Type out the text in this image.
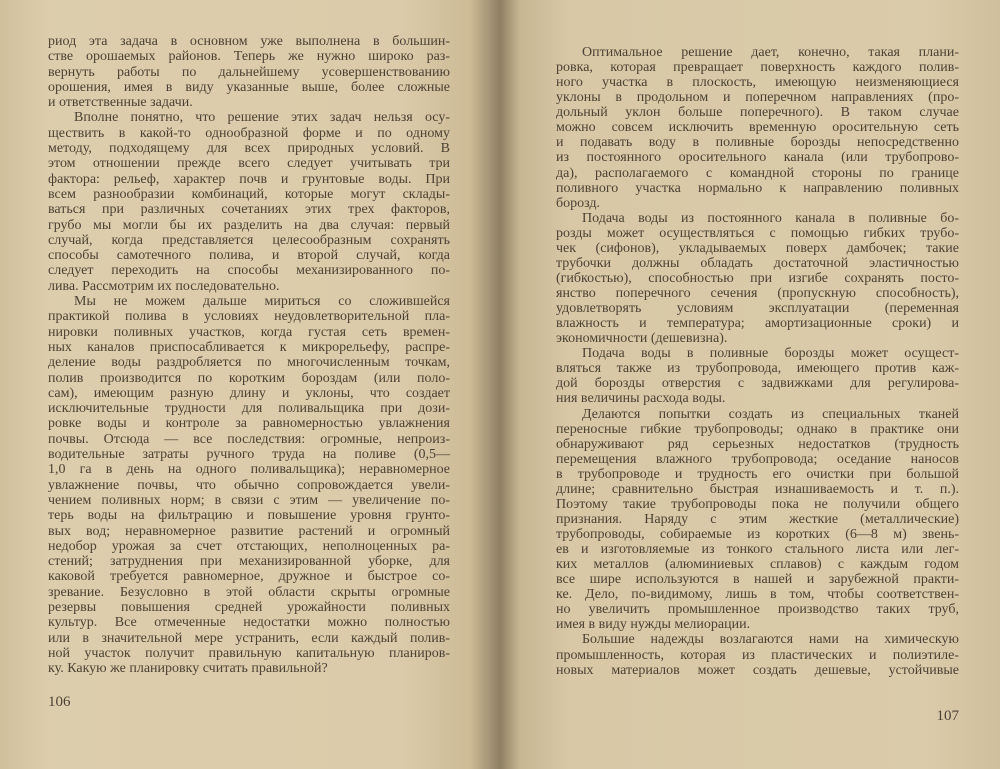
риод эта задача в основном уже выполнена в большин-
стве орошаемых районов. Теперь же нужно широко раз-
вернуть работы по дальнейшему усовершенствованию
орошения, имея в виду указанные выше, более сложные
и ответственные задачи.
Вполне понятно, что решение этих задач нельзя осу-
ществить в какой-то однообразной форме и по одному
методу, подходящему для всех природных условий. В
этом отношении прежде всего следует учитывать три
фактора: рельеф, характер почв и грунтовые воды. При
всем разнообразии комбинаций, которые могут склады-
ваться при различных сочетаниях этих трех факторов,
грубо мы могли бы их разделить на два случая: первый
случай, когда представляется целесообразным сохранять
способы самотечного полива, и второй случай, когда
следует переходить на способы механизированного по-
лива. Рассмотрим их последовательно.
Мы не можем дальше мириться со сложившейся
практикой полива в условиях неудовлетворительной пла-
нировки поливных участков, когда густая сеть времен-
ных каналов приспосабливается к микрорельефу, распре-
деление воды раздробляется по многочисленным точкам,
полив производится по коротким бороздам (или поло-
сам), имеющим разную длину и уклоны, что создает
исключительные трудности для поливальщика при дози-
ровке воды и контроле за равномерностью увлажнения
почвы. Отсюда — все последствия: огромные, непроиз-
водительные затраты ручного труда на поливе (0,5—
1,0 га в день на одного поливальщика); неравномерное
увлажнение почвы, что обычно сопровождается увели-
чением поливных норм; в связи с этим — увеличение по-
терь воды на фильтрацию и повышение уровня грунто-
вых вод; неравномерное развитие растений и огромный
недобор урожая за счет отстающих, неполноценных ра-
стений; затруднения при механизированной уборке, для
каковой требуется равномерное, дружное и быстрое со-
зревание. Безусловно в этой области скрыты огромные
резервы повышения средней урожайности поливных
культур. Все отмеченные недостатки можно полностью
или в значительной мере устранить, если каждый полив-
ной участок получит правильную капитальную планиров-
ку. Какую же планировку считать правильной?
106
Оптимальное решение дает, конечно, такая плани-
ровка, которая превращает поверхность каждого полив-
ного участка в плоскость, имеющую неизменяющиеся
уклоны в продольном и поперечном направлениях (про-
дольный уклон больше поперечного). В таком случае
можно совсем исключить временную оросительную сеть
и подавать воду в поливные борозды непосредственно
из постоянного оросительного канала (или трубопрово-
да), располагаемого с командной стороны по границе
поливного участка нормально к направлению поливных
борозд.
Подача воды из постоянного канала в поливные бо-
розды может осуществляться с помощью гибких трубо-
чек (сифонов), укладываемых поверх дамбочек; такие
трубочки должны обладать достаточной эластичностью
(гибкостью), способностью при изгибе сохранять посто-
янство поперечного сечения (пропускную способность),
удовлетворять условиям эксплуатации (переменная
влажность и температура; амортизационные сроки) и
экономичности (дешевизна).
Подача воды в поливные борозды может осущест-
вляться также из трубопровода, имеющего против каж-
дой борозды отверстия с задвижками для регулирова-
ния величины расхода воды.
Делаются попытки создать из специальных тканей
переносные гибкие трубопроводы; однако в практике они
обнаруживают ряд серьезных недостатков (трудность
перемещения влажного трубопровода; оседание наносов
в трубопроводе и трудность его очистки при большой
длине; сравнительно быстрая изнашиваемость и т. п.).
Поэтому такие трубопроводы пока не получили общего
признания. Наряду с этим жесткие (металлические)
трубопроводы, собираемые из коротких (6—8 м) звень-
ев и изготовляемые из тонкого стального листа или лег-
ких металлов (алюминиевых сплавов) с каждым годом
все шире используются в нашей и зарубежной практи-
ке. Дело, по-видимому, лишь в том, чтобы соответствен-
но увеличить промышленное производство таких труб,
имея в виду нужды мелиорации.
Большие надежды возлагаются нами на химическую
промышленность, которая из пластических и полиэтиле-
новых материалов может создать дешевые, устойчивые
107
